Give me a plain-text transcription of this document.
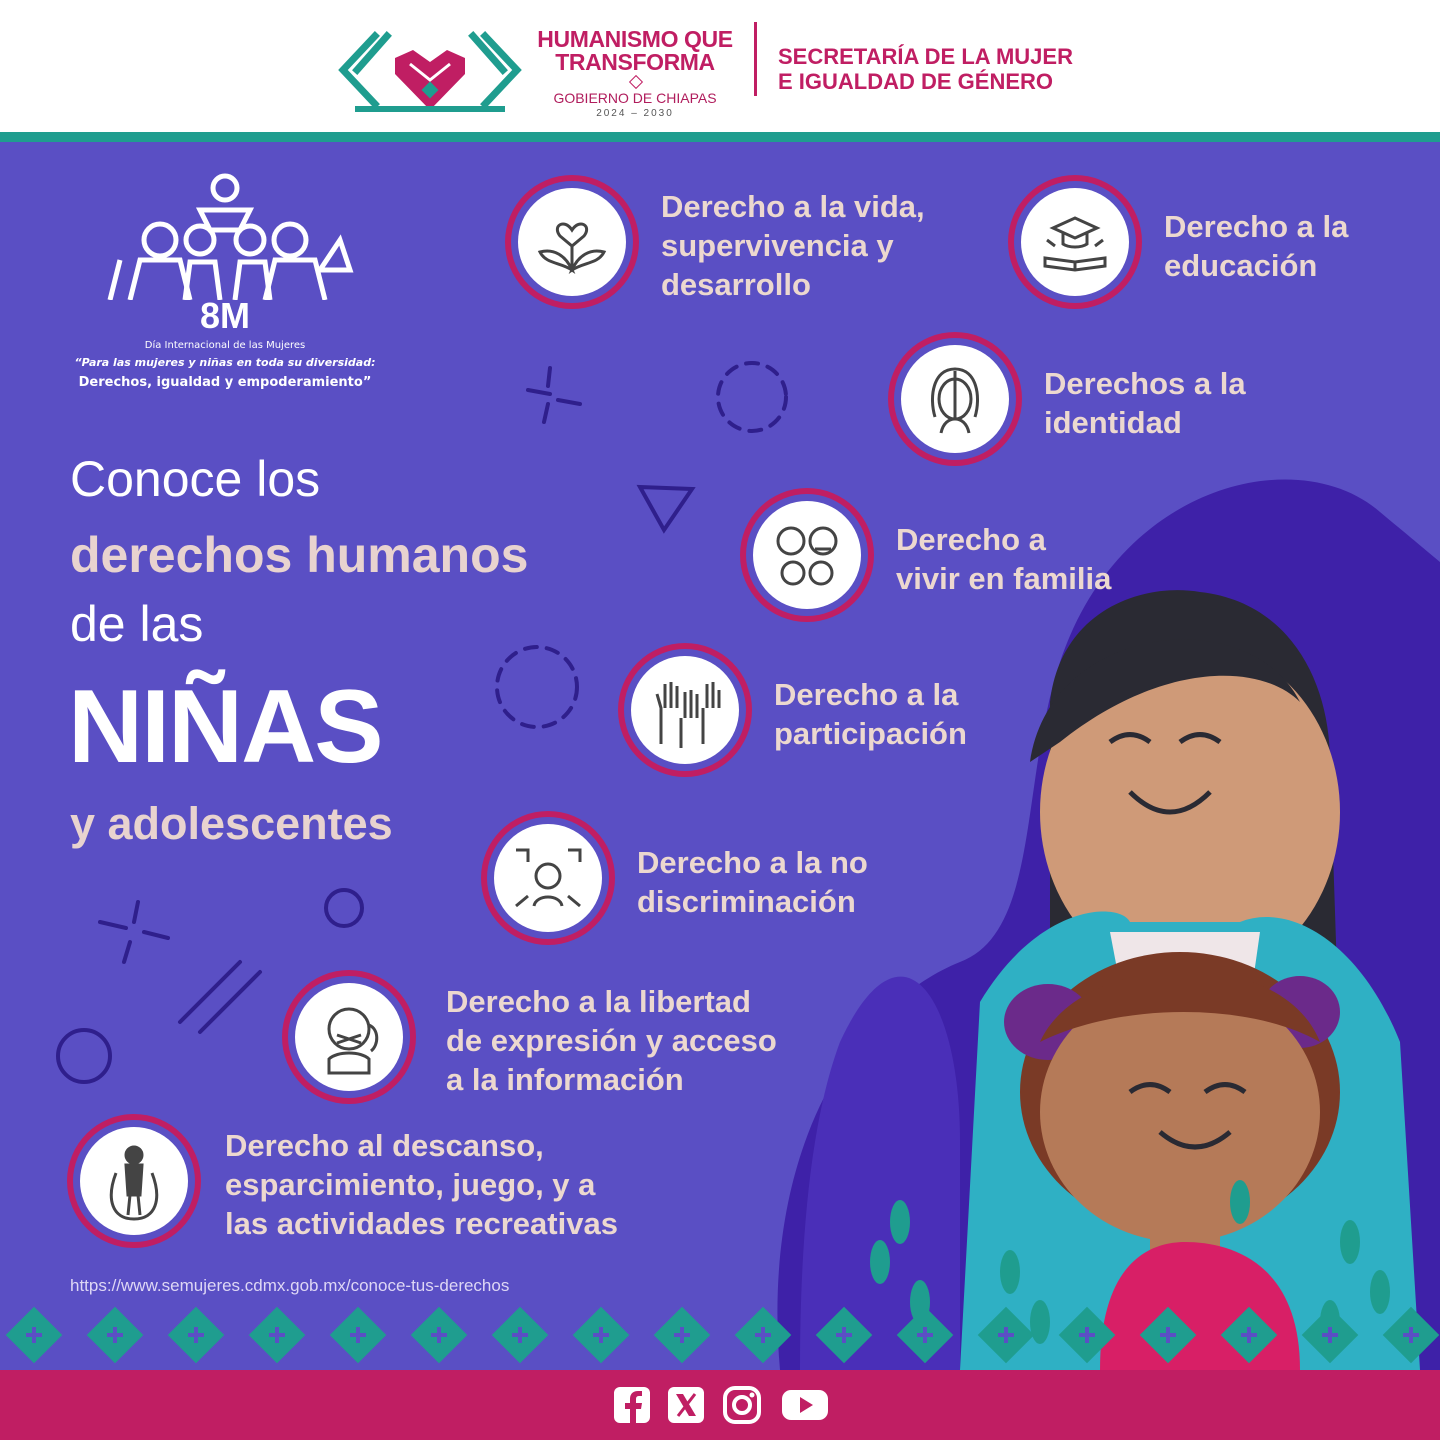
HUMANISMO QUE
TRANSFORMA
GOBIERNO DE CHIAPAS
2024 – 2030
SECRETARÍA DE LA MUJER
E IGUALDAD DE GÉNERO
8M
Día Internacional de las Mujeres
“Para las mujeres y niñas en toda su diversidad:
Derechos, igualdad y empoderamiento”
Conoce los
derechos humanos
de las
NIÑAS
y adolescentes
Derecho a la vida,
supervivencia y
desarrollo
Derecho a la
educación
Derechos a la
identidad
Derecho a
vivir en familia
Derecho a la
participación
Derecho a la no
discriminación
Derecho a la libertad
de expresión y acceso
a la información
Derecho al descanso,
esparcimiento, juego, y a
las actividades recreativas
https://www.semujeres.cdmx.gob.mx/conoce-tus-derechos
